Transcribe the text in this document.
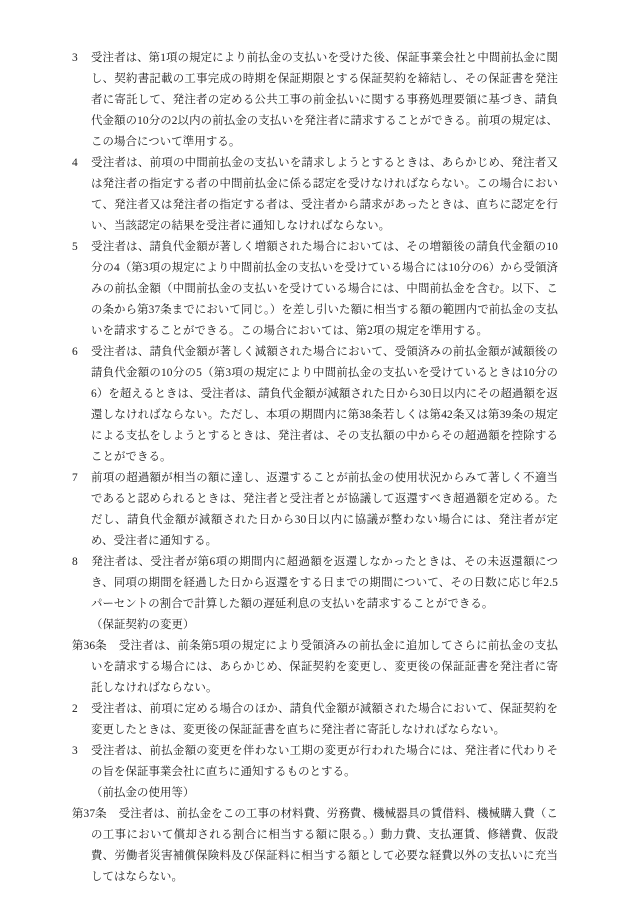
3 受注者は、第1項の規定により前払金の支払いを受けた後、保証事業会社と中間前払金に関し、契約書記載の工事完成の時期を保証期限とする保証契約を締結し、その保証書を発注者に寄託して、発注者の定める公共工事の前金払いに関する事務処理要領に基づき、請負代金額の10分の2以内の前払金の支払いを発注者に請求することができる。前項の規定は、この場合について準用する。

4 受注者は、前項の中間前払金の支払いを請求しようとするときは、あらかじめ、発注者又は発注者の指定する者の中間前払金に係る認定を受けなければならない。この場合において、発注者又は発注者の指定する者は、受注者から請求があったときは、直ちに認定を行い、当該認定の結果を受注者に通知しなければならない。

5 受注者は、請負代金額が著しく増額された場合においては、その増額後の請負代金額の10分の4（第3項の規定により中間前払金の支払いを受けている場合には10分の6）から受領済みの前払金額（中間前払金の支払いを受けている場合には、中間前払金を含む。以下、この条から第37条までにおいて同じ。）を差し引いた額に相当する額の範囲内で前払金の支払いを請求することができる。この場合においては、第2項の規定を準用する。

6 受注者は、請負代金額が著しく減額された場合において、受領済みの前払金額が減額後の請負代金額の10分の5（第3項の規定により中間前払金の支払いを受けているときは10分の6）を超えるときは、受注者は、請負代金額が減額された日から30日以内にその超過額を返還しなければならない。ただし、本項の期間内に第38条若しくは第42条又は第39条の規定による支払をしようとするときは、発注者は、その支払額の中からその超過額を控除することができる。

7 前項の超過額が相当の額に達し、返還することが前払金の使用状況からみて著しく不適当であると認められるときは、発注者と受注者とが協議して返還すべき超過額を定める。ただし、請負代金額が減額された日から30日以内に協議が整わない場合には、発注者が定め、受注者に通知する。

8 発注者は、受注者が第6項の期間内に超過額を返還しなかったときは、その未返還額につき、同項の期間を経過した日から返還をする日までの期間について、その日数に応じ年2.5パーセントの割合で計算した額の遅延利息の支払いを請求することができる。

（保証契約の変更）

第36条 受注者は、前条第5項の規定により受領済みの前払金に追加してさらに前払金の支払いを請求する場合には、あらかじめ、保証契約を変更し、変更後の保証証書を発注者に寄託しなければならない。

2 受注者は、前項に定める場合のほか、請負代金額が減額された場合において、保証契約を変更したときは、変更後の保証証書を直ちに発注者に寄託しなければならない。

3 受注者は、前払金額の変更を伴わない工期の変更が行われた場合には、発注者に代わりその旨を保証事業会社に直ちに通知するものとする。

（前払金の使用等）

第37条 受注者は、前払金をこの工事の材料費、労務費、機械器具の賃借料、機械購入費（この工事において償却される割合に相当する額に限る。）動力費、支払運賃、修繕費、仮設費、労働者災害補償保険料及び保証料に相当する額として必要な経費以外の支払いに充当してはならない。
